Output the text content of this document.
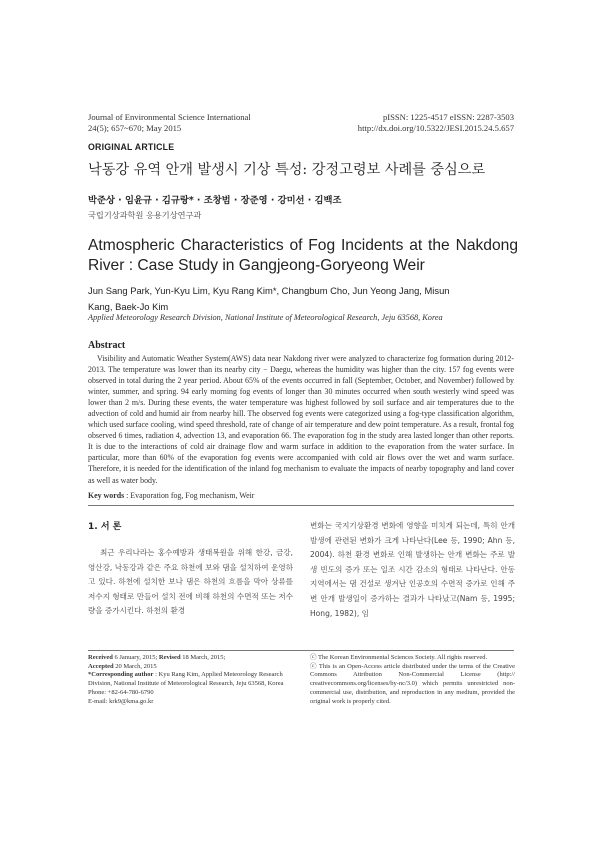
Journal of Environmental Science International
24(5); 657~670; May 2015
pISSN: 1225-4517 eISSN: 2287-3503
http://dx.doi.org/10.5322/JESI.2015.24.5.657
ORIGINAL ARTICLE
낙동강 유역 안개 발생시 기상 특성: 강정고령보 사례를 중심으로
박준상 · 임윤규 · 김규랑* · 조창범 · 장준영 · 강미선 · 김백조
국립기상과학원 응용기상연구과
Atmospheric Characteristics of Fog Incidents at the Nakdong River : Case Study in Gangjeong-Goryeong Weir
Jun Sang Park, Yun-Kyu Lim, Kyu Rang Kim*, Changbum Cho, Jun Yeong Jang, Misun
Kang, Baek-Jo Kim
Applied Meteorology Research Division, National Institute of Meteorological Research, Jeju 63568, Korea
Abstract
Visibility and Automatic Weather System(AWS) data near Nakdong river were analyzed to characterize fog formation during 2012-2013. The temperature was lower than its nearby city − Daegu, whereas the humidity was higher than the city. 157 fog events were observed in total during the 2 year period. About 65% of the events occurred in fall (September, October, and November) followed by winter, summer, and spring. 94 early morning fog events of longer than 30 minutes occurred when south westerly wind speed was lower than 2 m/s. During these events, the water temperature was highest followed by soil surface and air temperatures due to the advection of cold and humid air from nearby hill. The observed fog events were categorized using a fog-type classification algorithm, which used surface cooling, wind speed threshold, rate of change of air temperature and dew point temperature. As a result, frontal fog observed 6 times, radiation 4, advection 13, and evaporation 66. The evaporation fog in the study area lasted longer than other reports. It is due to the interactions of cold air drainage flow and warm surface in addition to the evaporation from the water surface. In particular, more than 60% of the evaporation fog events were accompanied with cold air flows over the wet and warm surface. Therefore, it is needed for the identification of the inland fog mechanism to evaluate the impacts of nearby topography and land cover as well as water body.
Key words : Evaporation fog, Fog mechanism, Weir
1. 서 론
최근 우리나라는 홍수예방과 생태복원을 위해 한강, 금강, 영산강, 낙동강과 같은 주요 하천에 보와 댐을 설치하여 운영하고 있다. 하천에 설치한 보나 댐은 하천의 흐름을 막아 상류를 저수지 형태로 만들어 설치 전에 비해 하천의 수면적 또는 저수량을 증가시킨다. 하천의 환경
변화는 국지기상환경 변화에 영향을 미치게 되는데, 특히 안개 발생에 관련된 변화가 크게 나타난다(Lee 등, 1990; Ahn 등, 2004). 하천 환경 변화로 인해 발생하는 안개 변화는 주로 발생 빈도의 증가 또는 일조 시간 감소의 형태로 나타난다. 안동 지역에서는 댐 건설로 생겨난 인공호의 수면적 증가로 인해 주변 안개 발생일이 증가하는 결과가 나타났고(Nam 등, 1995; Hong, 1982), 임
Received 6 January, 2015; Revised 18 March, 2015;
Accepted 20 March, 2015
*Corresponding author : Kyu Rang Kim, Applied Meteorology Research Division, National Institute of Meteorological Research, Jeju 63568, Korea
Phone: +82-64-780-6790
E-mail: krk9@kma.go.kr
ⓒ The Korean Environmental Sciences Society. All rights reserved.
ⓒ This is an Open-Access article distributed under the terms of the Creative Commons Attribution Non-Commercial License (http:// creativecommons.org/licenses/by-nc/3.0) which permits unrestricted non-commercial use, distribution, and reproduction in any medium, provided the original work is properly cited.
